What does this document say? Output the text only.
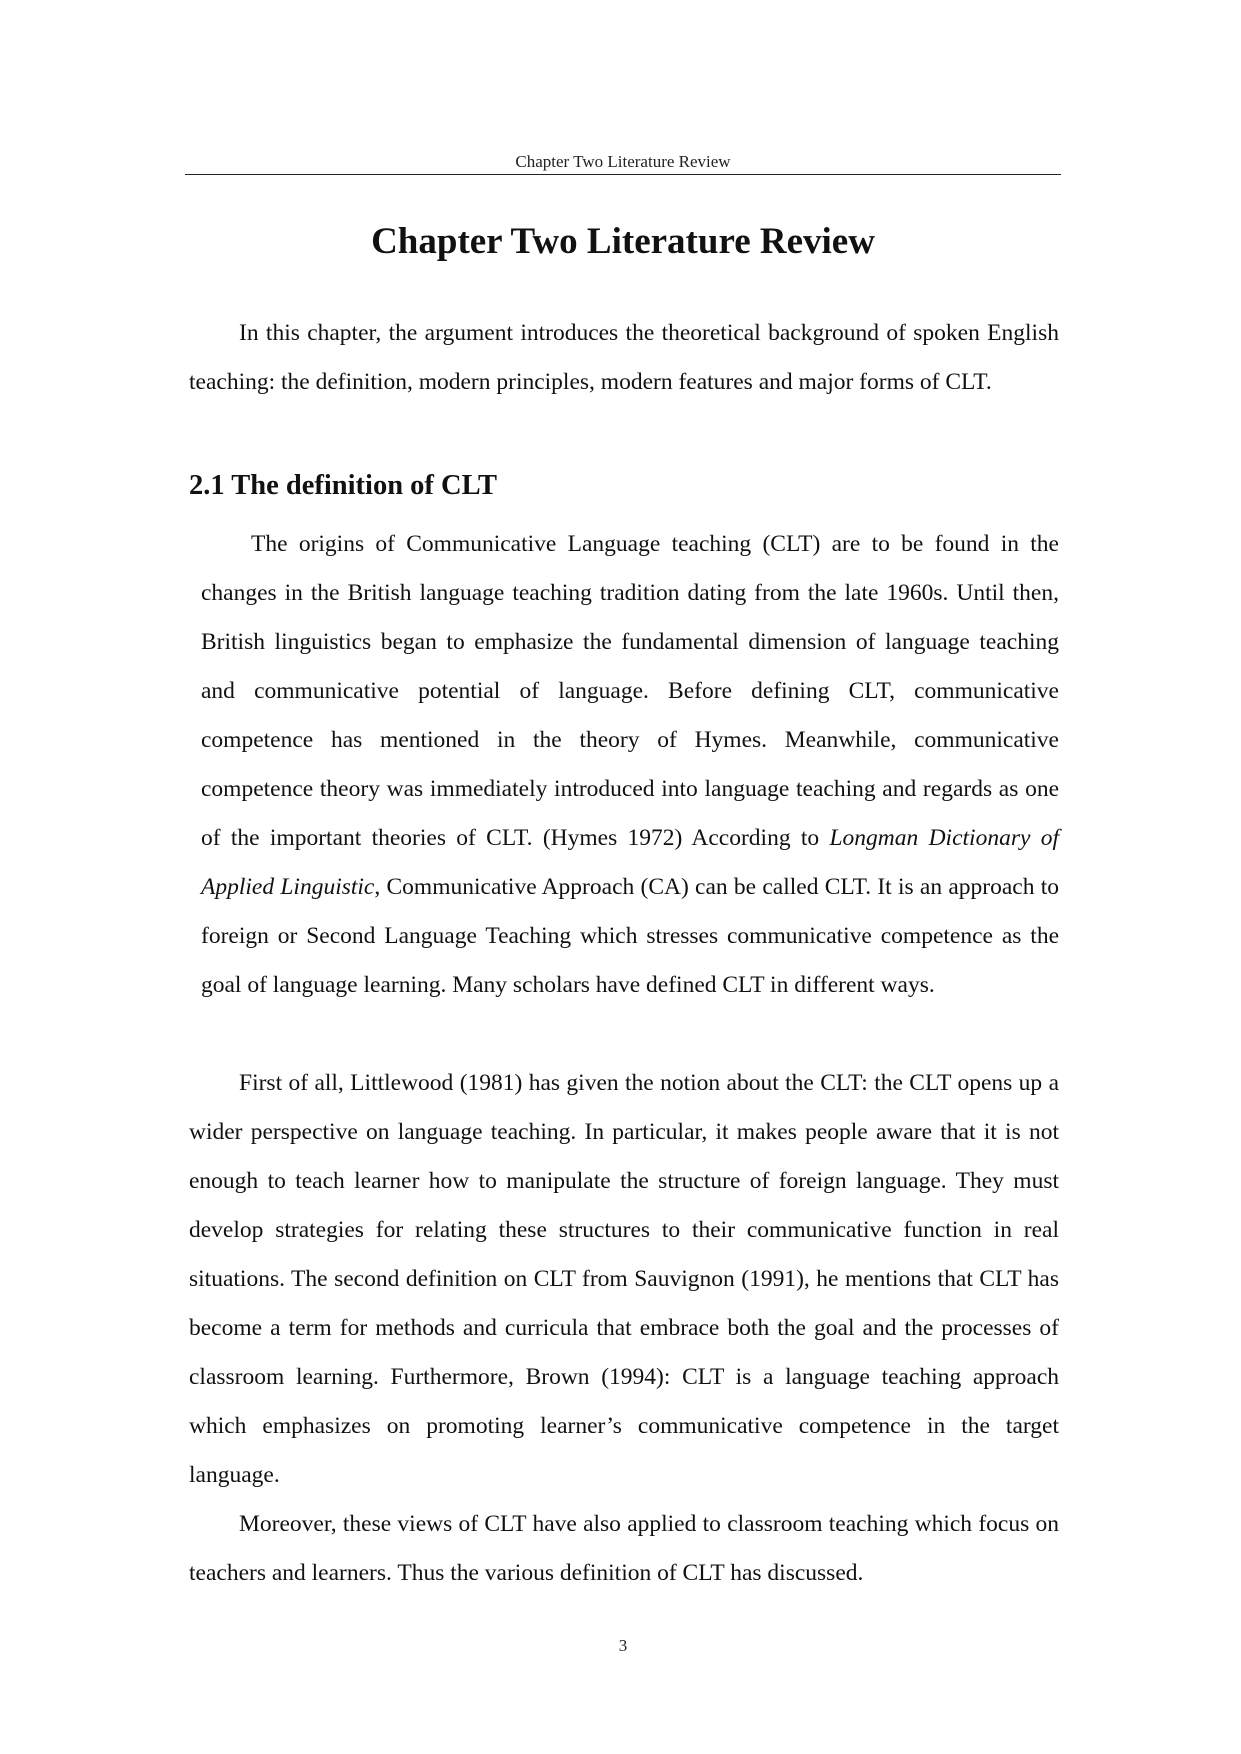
Chapter Two Literature Review
Chapter Two Literature Review

In this chapter, the argument introduces the theoretical background of spoken English teaching: the definition, modern principles, modern features and major forms of CLT.

2.1 The definition of CLT

The origins of Communicative Language teaching (CLT) are to be found in the changes in the British language teaching tradition dating from the late 1960s. Until then, British linguistics began to emphasize the fundamental dimension of language teaching and communicative potential of language. Before defining CLT, communicative competence has mentioned in the theory of Hymes. Meanwhile, communicative competence theory was immediately introduced into language teaching and regards as one of the important theories of CLT. (Hymes 1972) According to Longman Dictionary of Applied Linguistic, Communicative Approach (CA) can be called CLT. It is an approach to foreign or Second Language Teaching which stresses communicative competence as the goal of language learning. Many scholars have defined CLT in different ways.

First of all, Littlewood (1981) has given the notion about the CLT: the CLT opens up a wider perspective on language teaching. In particular, it makes people aware that it is not enough to teach learner how to manipulate the structure of foreign language. They must develop strategies for relating these structures to their communicative function in real situations. The second definition on CLT from Sauvignon (1991), he mentions that CLT has become a term for methods and curricula that embrace both the goal and the processes of classroom learning. Furthermore, Brown (1994): CLT is a language teaching approach which emphasizes on promoting learner’s communicative competence in the target language.

Moreover, these views of CLT have also applied to classroom teaching which focus on teachers and learners. Thus the various definition of CLT has discussed.

3
